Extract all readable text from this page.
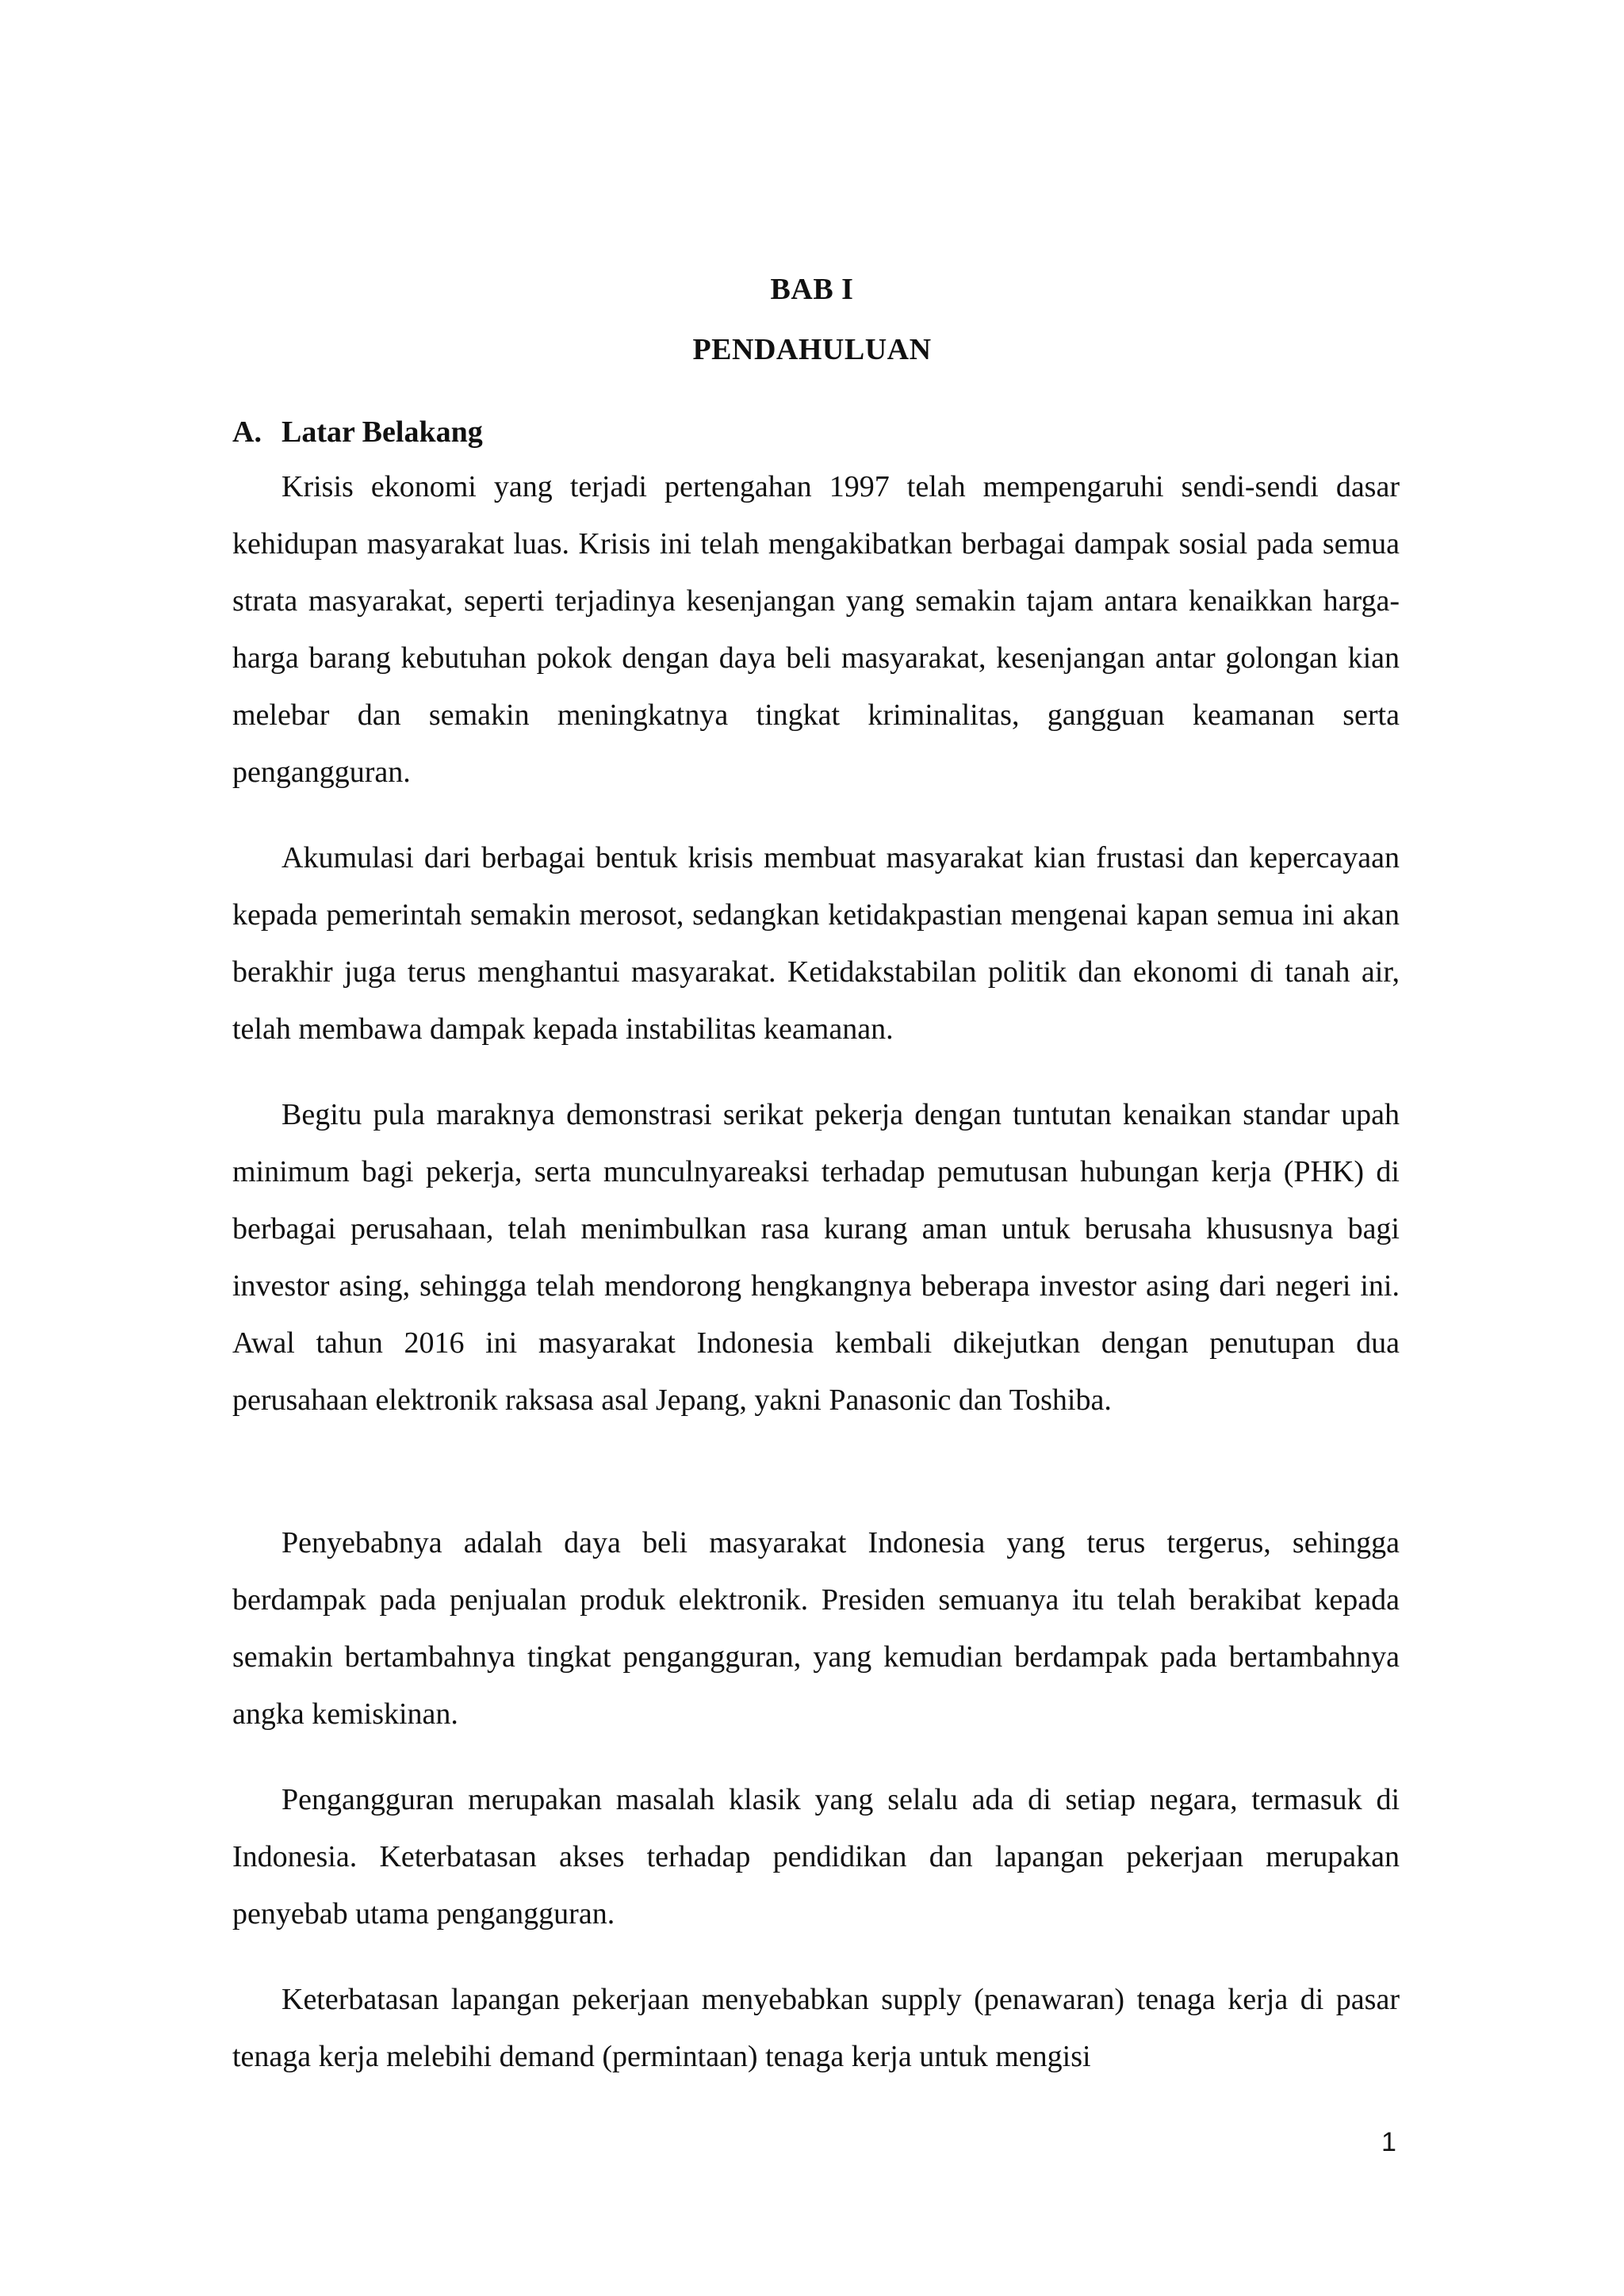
BAB I
PENDAHULUAN
A. Latar Belakang

Krisis ekonomi yang terjadi pertengahan 1997 telah mempengaruhi sendi-sendi dasar kehidupan masyarakat luas. Krisis ini telah mengakibatkan berbagai dampak sosial pada semua strata masyarakat, seperti terjadinya kesenjangan yang semakin tajam antara kenaikkan harga-harga barang kebutuhan pokok dengan daya beli masyarakat, kesenjangan antar golongan kian melebar dan semakin meningkatnya tingkat kriminalitas, gangguan keamanan serta pengangguran.

Akumulasi dari berbagai bentuk krisis membuat masyarakat kian frustasi dan kepercayaan kepada pemerintah semakin merosot, sedangkan ketidakpastian mengenai kapan semua ini akan berakhir juga terus menghantui masyarakat. Ketidakstabilan politik dan ekonomi di tanah air, telah membawa dampak kepada instabilitas keamanan.

Begitu pula maraknya demonstrasi serikat pekerja dengan tuntutan kenaikan standar upah minimum bagi pekerja, serta munculnyareaksi terhadap pemutusan hubungan kerja (PHK) di berbagai perusahaan, telah menimbulkan rasa kurang aman untuk berusaha khususnya bagi investor asing, sehingga telah mendorong hengkangnya beberapa investor asing dari negeri ini. Awal tahun 2016 ini masyarakat Indonesia kembali dikejutkan dengan penutupan dua perusahaan elektronik raksasa asal Jepang, yakni Panasonic dan Toshiba.

Penyebabnya adalah daya beli masyarakat Indonesia yang terus tergerus, sehingga berdampak pada penjualan produk elektronik. Presiden semuanya itu telah berakibat kepada semakin bertambahnya tingkat pengangguran, yang kemudian berdampak pada bertambahnya angka kemiskinan.

Pengangguran merupakan masalah klasik yang selalu ada di setiap negara, termasuk di Indonesia. Keterbatasan akses terhadap pendidikan dan lapangan pekerjaan merupakan penyebab utama pengangguran.

Keterbatasan lapangan pekerjaan menyebabkan supply (penawaran) tenaga kerja di pasar tenaga kerja melebihi demand (permintaan) tenaga kerja untuk mengisi

1
